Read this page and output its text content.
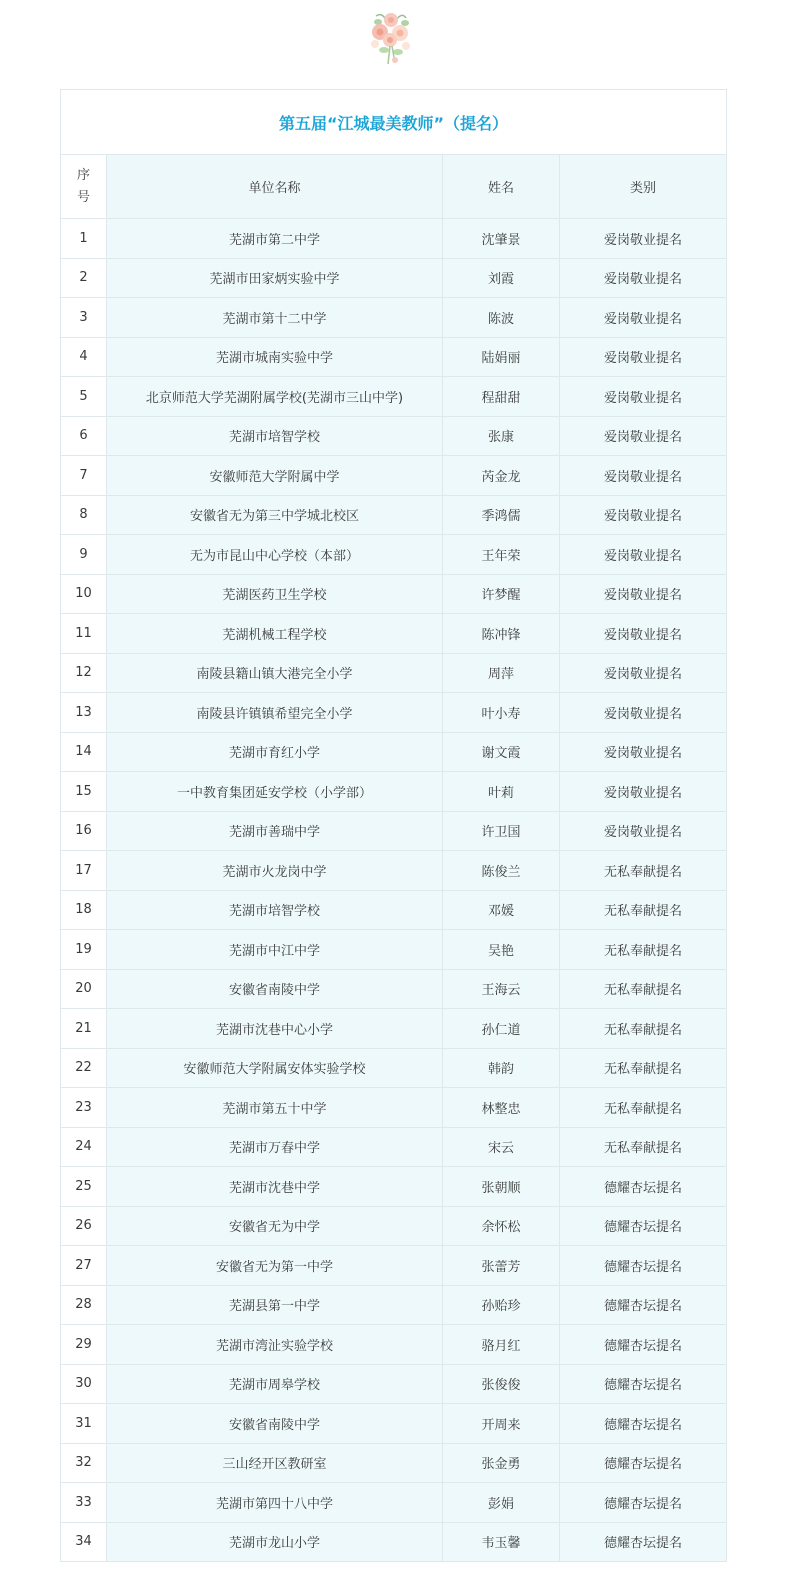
第五届“江城最美教师”（提名）			
序号	单位名称	姓名	类别
1	芜湖市第二中学	沈肇景	爱岗敬业提名
2	芜湖市田家炳实验中学	刘霞	爱岗敬业提名
3	芜湖市第十二中学	陈波	爱岗敬业提名
4	芜湖市城南实验中学	陆娟丽	爱岗敬业提名
5	北京师范大学芜湖附属学校(芜湖市三山中学)	程甜甜	爱岗敬业提名
6	芜湖市培智学校	张康	爱岗敬业提名
7	安徽师范大学附属中学	芮金龙	爱岗敬业提名
8	安徽省无为第三中学城北校区	季鸿儒	爱岗敬业提名
9	无为市昆山中心学校（本部）	王年荣	爱岗敬业提名
10	芜湖医药卫生学校	许梦醒	爱岗敬业提名
11	芜湖机械工程学校	陈冲锋	爱岗敬业提名
12	南陵县籍山镇大港完全小学	周萍	爱岗敬业提名
13	南陵县许镇镇希望完全小学	叶小寿	爱岗敬业提名
14	芜湖市育红小学	谢文霞	爱岗敬业提名
15	一中教育集团延安学校（小学部）	叶莉	爱岗敬业提名
16	芜湖市善瑞中学	许卫国	爱岗敬业提名
17	芜湖市火龙岗中学	陈俊兰	无私奉献提名
18	芜湖市培智学校	邓媛	无私奉献提名
19	芜湖市中江中学	吴艳	无私奉献提名
20	安徽省南陵中学	王海云	无私奉献提名
21	芜湖市沈巷中心小学	孙仁道	无私奉献提名
22	安徽师范大学附属安体实验学校	韩韵	无私奉献提名
23	芜湖市第五十中学	林整忠	无私奉献提名
24	芜湖市万春中学	宋云	无私奉献提名
25	芜湖市沈巷中学	张朝顺	德耀杏坛提名
26	安徽省无为中学	余怀松	德耀杏坛提名
27	安徽省无为第一中学	张蕾芳	德耀杏坛提名
28	芜湖县第一中学	孙贻珍	德耀杏坛提名
29	芜湖市湾沚实验学校	骆月红	德耀杏坛提名
30	芜湖市周皋学校	张俊俊	德耀杏坛提名
31	安徽省南陵中学	开周来	德耀杏坛提名
32	三山经开区教研室	张金勇	德耀杏坛提名
33	芜湖市第四十八中学	彭娟	德耀杏坛提名
34	芜湖市龙山小学	韦玉馨	德耀杏坛提名
